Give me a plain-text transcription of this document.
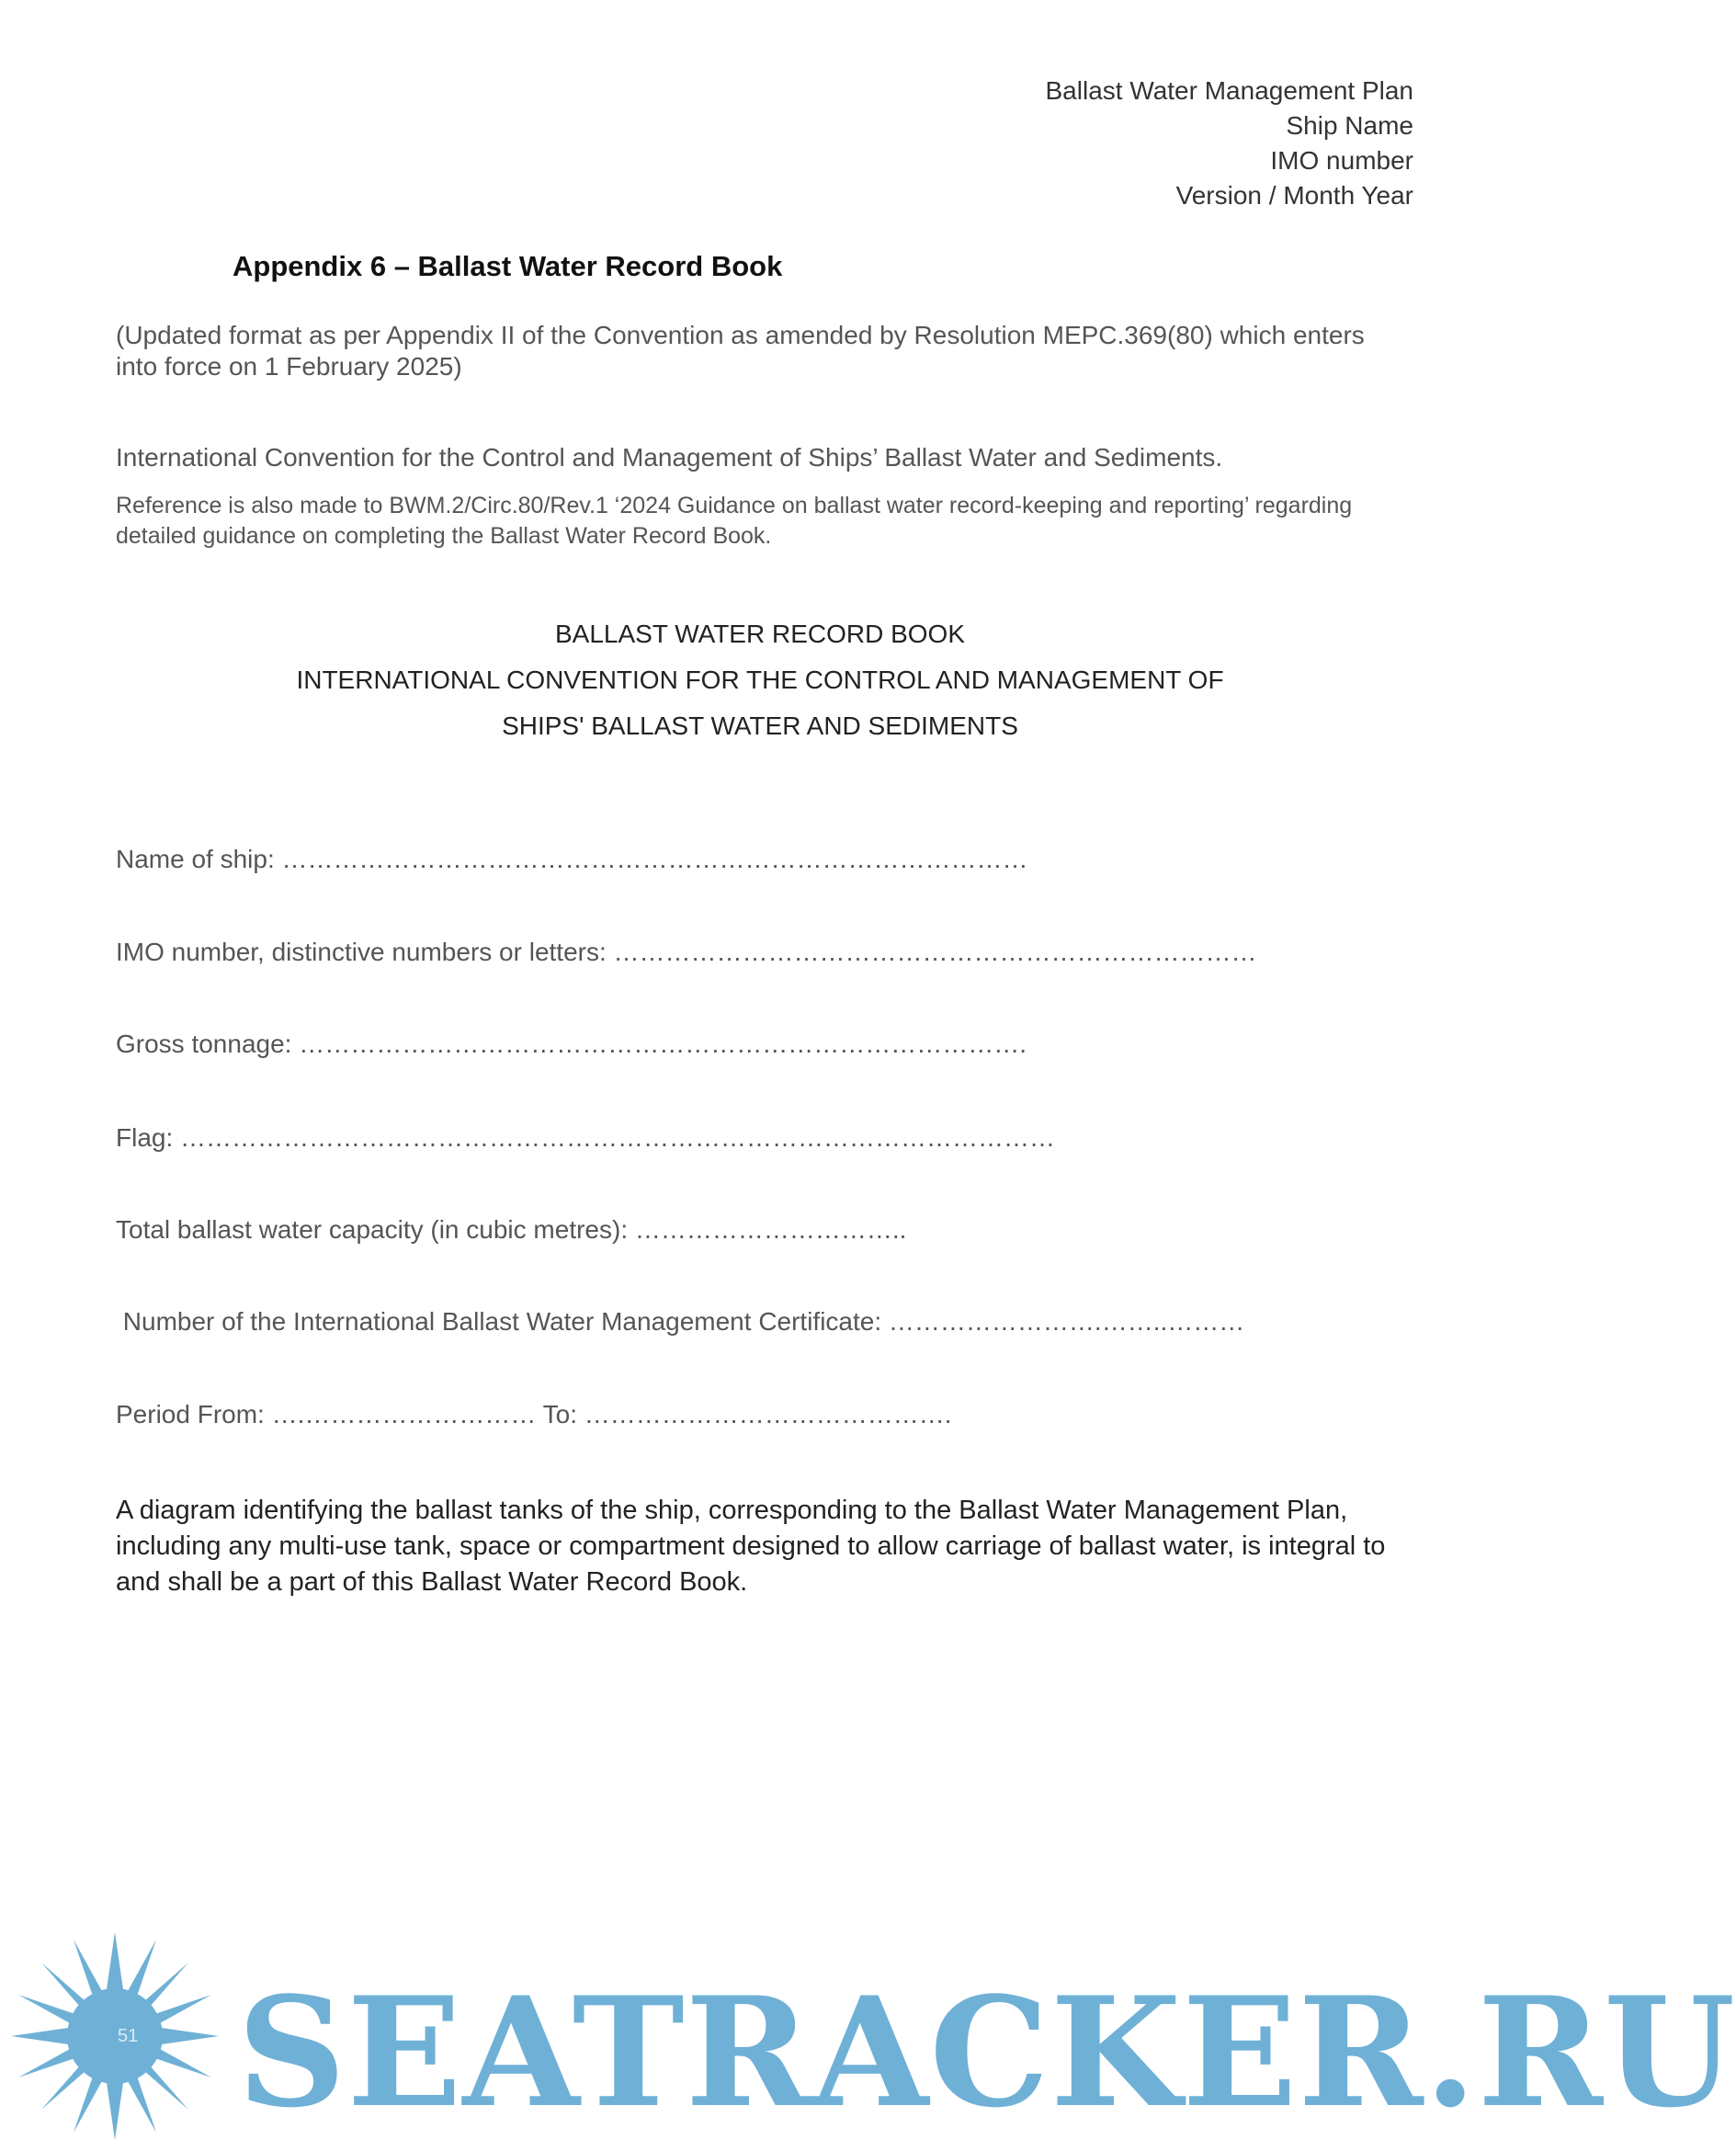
Ballast Water Management Plan
Ship Name
IMO number
Version / Month Year
Appendix 6 – Ballast Water Record Book
(Updated format as per Appendix II of the Convention as amended by Resolution MEPC.369(80) which enters into force on 1 February 2025)
International Convention for the Control and Management of Ships’ Ballast Water and Sediments.
Reference is also made to BWM.2/Circ.80/Rev.1 ‘2024 Guidance on ballast water record-keeping and reporting’ regarding detailed guidance on completing the Ballast Water Record Book.
BALLAST WATER RECORD BOOK
INTERNATIONAL CONVENTION FOR THE CONTROL AND MANAGEMENT OF
SHIPS' BALLAST WATER AND SEDIMENTS
Name of ship: ……………………………………………………………………………
IMO number, distinctive numbers or letters: …………………………………………………………………
Gross tonnage: ………………………………………………………………………….
Flag: …………………………………………………………………………………………
Total ballast water capacity (in cubic metres): …………………………..
Number of the International Ballast Water Management Certificate: …………………….……..………
Period From: ….……………………… To: …………………………………….
A diagram identifying the ballast tanks of the ship, corresponding to the Ballast Water Management Plan, including any multi-use tank, space or compartment designed to allow carriage of ballast water, is integral to and shall be a part of this Ballast Water Record Book.
51 SEATRACKER.RU
